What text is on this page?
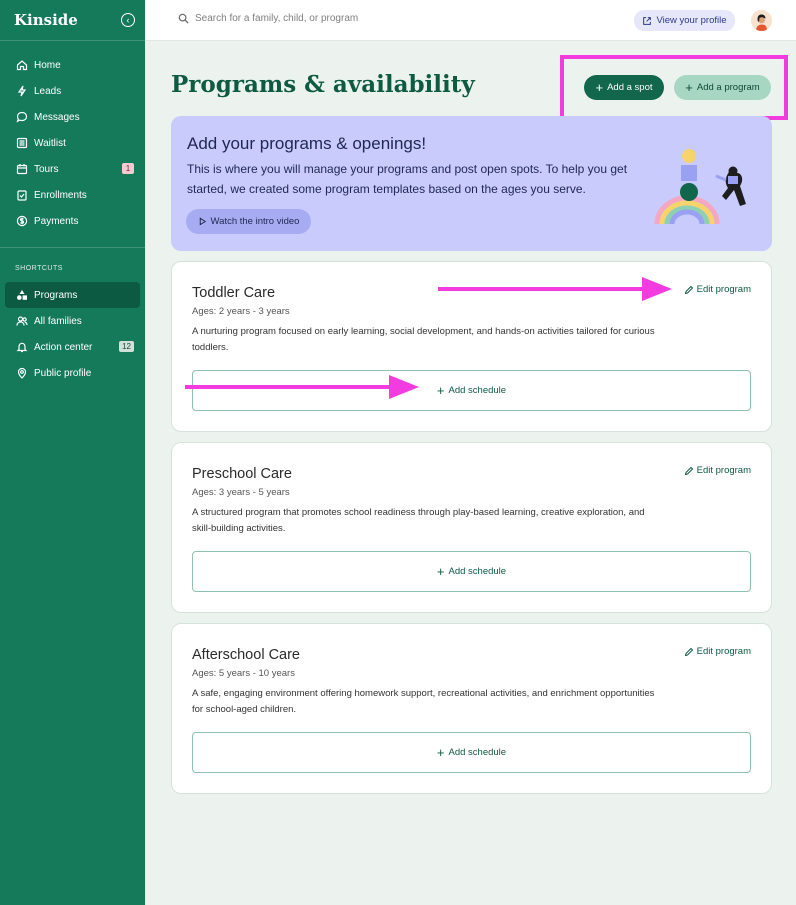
Kinside	‹
Home
Leads
Messages
Waitlist
Tours	1
Enrollments
Payments
SHORTCUTS
Programs
All families
Action center	12
Public profile
Search for a family, child, or program	View your profile
Programs & availability	+ Add a spot	+ Add a program
Add your programs & openings!
This is where you will manage your programs and post open spots. To help you get started, we created some program templates based on the ages you serve.
Watch the intro video
Toddler Care
Ages: 2 years - 3 years
A nurturing program focused on early learning, social development, and hands-on activities tailored for curious toddlers.
Edit program
+ Add schedule
Preschool Care
Ages: 3 years - 5 years
A structured program that promotes school readiness through play-based learning, creative exploration, and skill-building activities.
Edit program
+ Add schedule
Afterschool Care
Ages: 5 years - 10 years
A safe, engaging environment offering homework support, recreational activities, and enrichment opportunities for school-aged children.
Edit program
+ Add schedule
